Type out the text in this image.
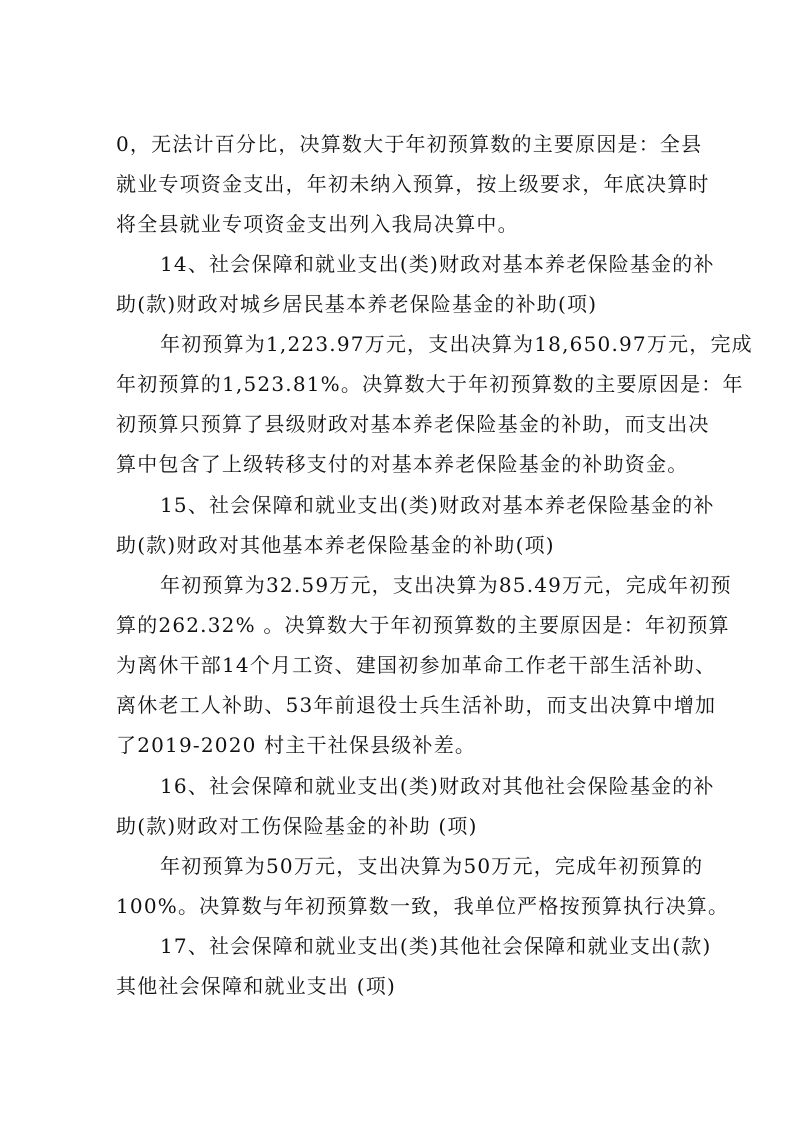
0，无法计百分比，决算数大于年初预算数的主要原因是：全县
就业专项资金支出，年初未纳入预算，按上级要求，年底决算时
将全县就业专项资金支出列入我局决算中。
14、社会保障和就业支出(类)财政对基本养老保险基金的补
助(款)财政对城乡居民基本养老保险基金的补助(项)
年初预算为1,223.97万元，支出决算为18,650.97万元，完成
年初预算的1,523.81%。决算数大于年初预算数的主要原因是：年
初预算只预算了县级财政对基本养老保险基金的补助，而支出决
算中包含了上级转移支付的对基本养老保险基金的补助资金。
15、社会保障和就业支出(类)财政对基本养老保险基金的补
助(款)财政对其他基本养老保险基金的补助(项)
年初预算为32.59万元，支出决算为85.49万元，完成年初预
算的262.32% 。决算数大于年初预算数的主要原因是：年初预算
为离休干部14个月工资、建国初参加革命工作老干部生活补助、
离休老工人补助、53年前退役士兵生活补助，而支出决算中增加
了2019-2020 村主干社保县级补差。
16、社会保障和就业支出(类)财政对其他社会保险基金的补
助(款)财政对工伤保险基金的补助 (项)
年初预算为50万元，支出决算为50万元，完成年初预算的
100%。决算数与年初预算数一致，我单位严格按预算执行决算。
17、社会保障和就业支出(类)其他社会保障和就业支出(款)
其他社会保障和就业支出 (项)
